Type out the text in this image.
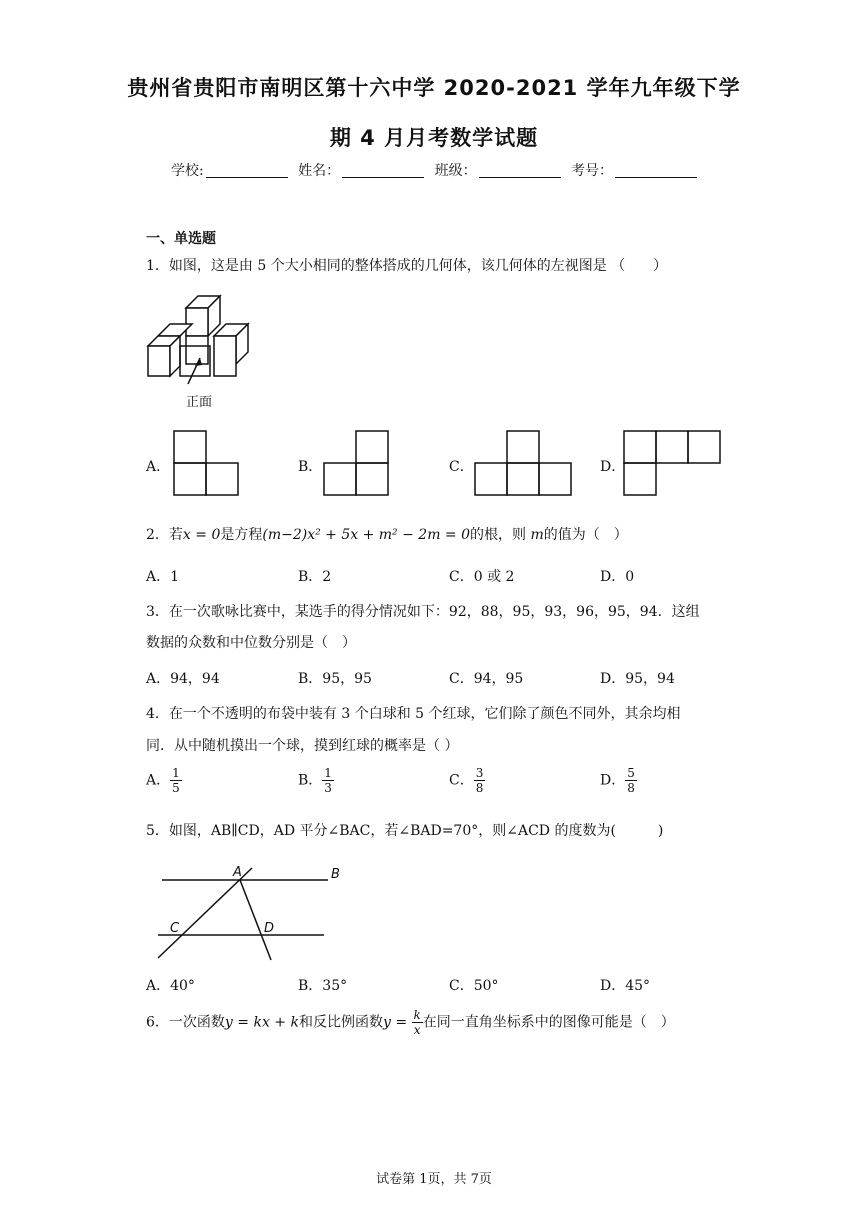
贵州省贵阳市南明区第十六中学 2020-2021 学年九年级下学
期 4 月月考数学试题
学校:	姓名：	班级：	考号：
一、单选题
1．如图，这是由 5 个大小相同的整体搭成的几何体，该几何体的左视图是 （　　）
正面
A．	B．	C．	D．
2．若x = 0是方程(m−2)x² + 5x + m² − 2m = 0的根，则 m的值为（　）
A．1	B．2	C．0 或 2	D．0
3．在一次歌咏比赛中，某选手的得分情况如下：92，88，95，93，96，95，94．这组
数据的众数和中位数分别是（　）
A．94，94	B．95，95	C．94，95	D．95，94
4．在一个不透明的布袋中装有 3 个白球和 5 个红球，它们除了颜色不同外，其余均相
同．从中随机摸出一个球，摸到红球的概率是（ ）
A． $\frac{1}{5}$	B． $\frac{1}{3}$	C． $\frac{3}{8}$	D． $\frac{5}{8}$
5．如图，AB∥CD，AD 平分∠BAC，若∠BAD=70°，则∠ACD 的度数为(　　　)
A	B
C	D
A．40°	B．35°	C．50°	D．45°
6．一次函数y = kx + k和反比例函数$y = \frac{k}{x}$ 在同一直角坐标系中的图像可能是（　）
试卷第 1页，共 7页
